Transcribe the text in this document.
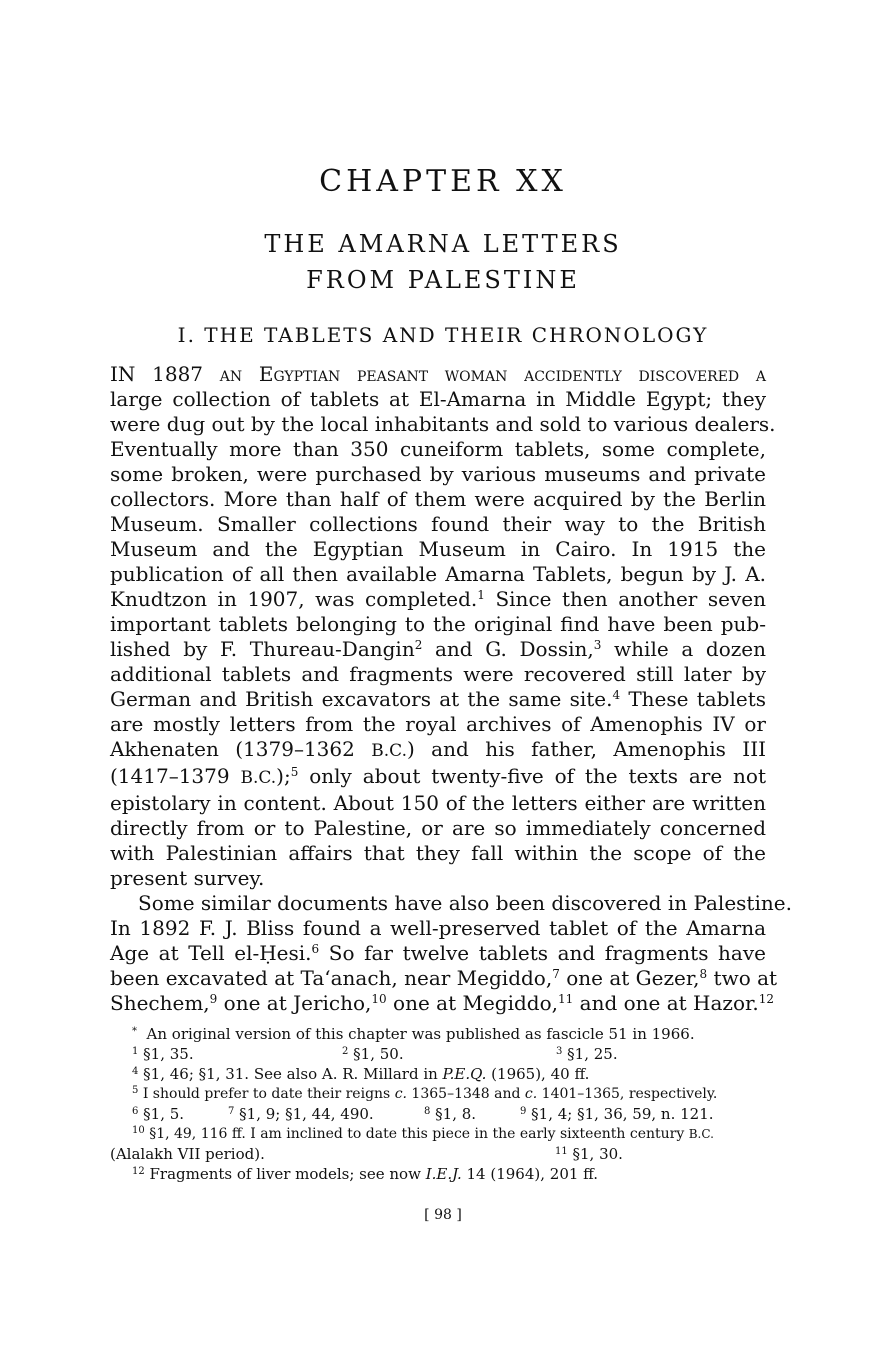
CHAPTER XX
THE AMARNA LETTERS
FROM PALESTINE
I. THE TABLETS AND THEIR CHRONOLOGY
IN 1887 an Egyptian peasant woman accidently discovered a
large collection of tablets at El-Amarna in Middle Egypt; they
were dug out by the local inhabitants and sold to various dealers.
Eventually more than 350 cuneiform tablets, some complete,
some broken, were purchased by various museums and private
collectors. More than half of them were acquired by the Berlin
Museum. Smaller collections found their way to the British
Museum and the Egyptian Museum in Cairo. In 1915 the
publication of all then available Amarna Tablets, begun by J. A.
Knudtzon in 1907, was completed.$^1$ Since then another seven
important tablets belonging to the original find have been pub-
lished by F. Thureau-Dangin$^2$ and G. Dossin,$^3$ while a dozen
additional tablets and fragments were recovered still later by
German and British excavators at the same site.$^4$ These tablets
are mostly letters from the royal archives of Amenophis IV or
Akhenaten (1379–1362 B.C.) and his father, Amenophis III
(1417–1379 B.C.);$^5$ only about twenty-five of the texts are not
epistolary in content. About 150 of the letters either are written
directly from or to Palestine, or are so immediately concerned
with Palestinian affairs that they fall within the scope of the
present survey.
Some similar documents have also been discovered in Palestine.
In 1892 F. J. Bliss found a well-preserved tablet of the Amarna
Age at Tell el-Ḥesi.$^6$ So far twelve tablets and fragments have
been excavated at Ta‘anach, near Megiddo,$^7$ one at Gezer,$^8$ two at
Shechem,$^9$ one at Jericho,$^{10}$ one at Megiddo,$^{11}$ and one at Hazor.$^{12}$
* An original version of this chapter was published as fascicle 51 in 1966.
1 §1, 35.	2 §1, 50.	3 §1, 25.
$^4$ §1, 46; §1, 31. See also A. R. Millard in P.E.Q. (1965), 40 ff.
$^5$ I should prefer to date their reigns c. 1365–1348 and c. 1401–1365, respectively.
6 §1, 5.	7 §1, 9; §1, 44, 490.	8 §1, 8.	9 §1, 4; §1, 36, 59, n. 121.
$^{10}$ §1, 49, 116 ff. I am inclined to date this piece in the early sixteenth century B.C.
(Alalakh VII period).	$^{11}$ §1, 30.
$^{12}$ Fragments of liver models; see now I.E.J. 14 (1964), 201 ff.
[ 98 ]
